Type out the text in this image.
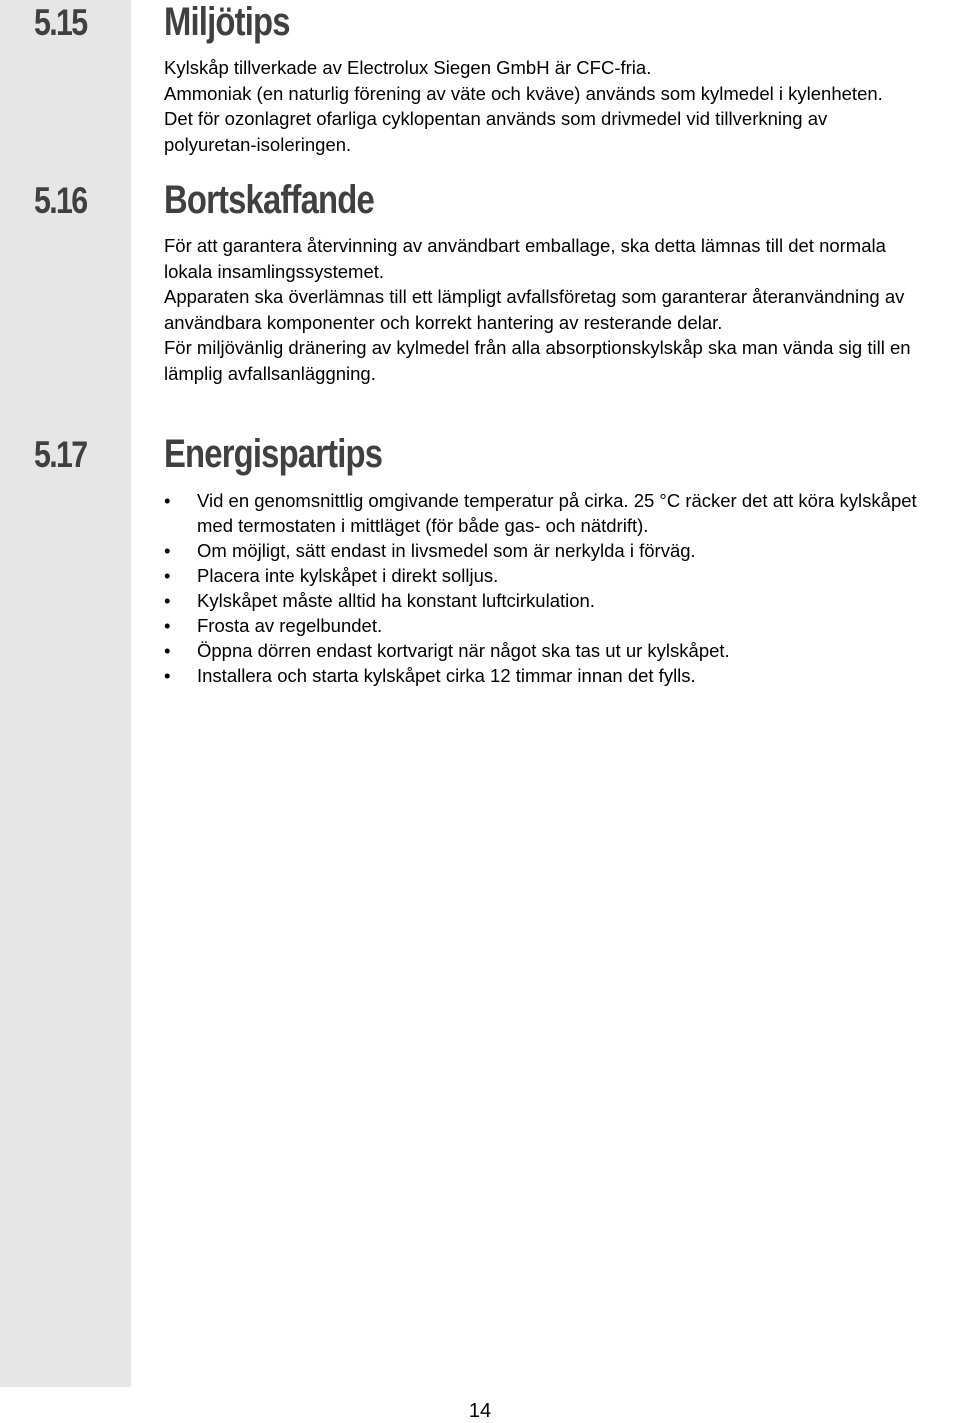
5.15 Miljötips

Kylskåp tillverkade av Electrolux Siegen GmbH är CFC-fria.

Ammoniak (en naturlig förening av väte och kväve) används som kylmedel i kylenheten. Det för ozonlagret ofarliga cyklopentan används som drivmedel vid tillverkning av polyuretan-isoleringen.

5.16 Bortskaffande

För att garantera återvinning av användbart emballage, ska detta lämnas till det normala lokala insamlingssystemet.

Apparaten ska överlämnas till ett lämpligt avfallsföretag som garanterar återanvändning av användbara komponenter och korrekt hantering av resterande delar.

För miljövänlig dränering av kylmedel från alla absorptionskylskåp ska man vända sig till en lämplig avfallsanläggning.

5.17 Energispartips
• Vid en genomsnittlig omgivande temperatur på cirka. 25 °C räcker det att köra kylskåpet med termostaten i mittläget (för både gas- och nätdrift).
• Om möjligt, sätt endast in livsmedel som är nerkylda i förväg.
• Placera inte kylskåpet i direkt solljus.
• Kylskåpet måste alltid ha konstant luftcirkulation.
• Frosta av regelbundet.
• Öppna dörren endast kortvarigt när något ska tas ut ur kylskåpet.
• Installera och starta kylskåpet cirka 12 timmar innan det fylls.
14
